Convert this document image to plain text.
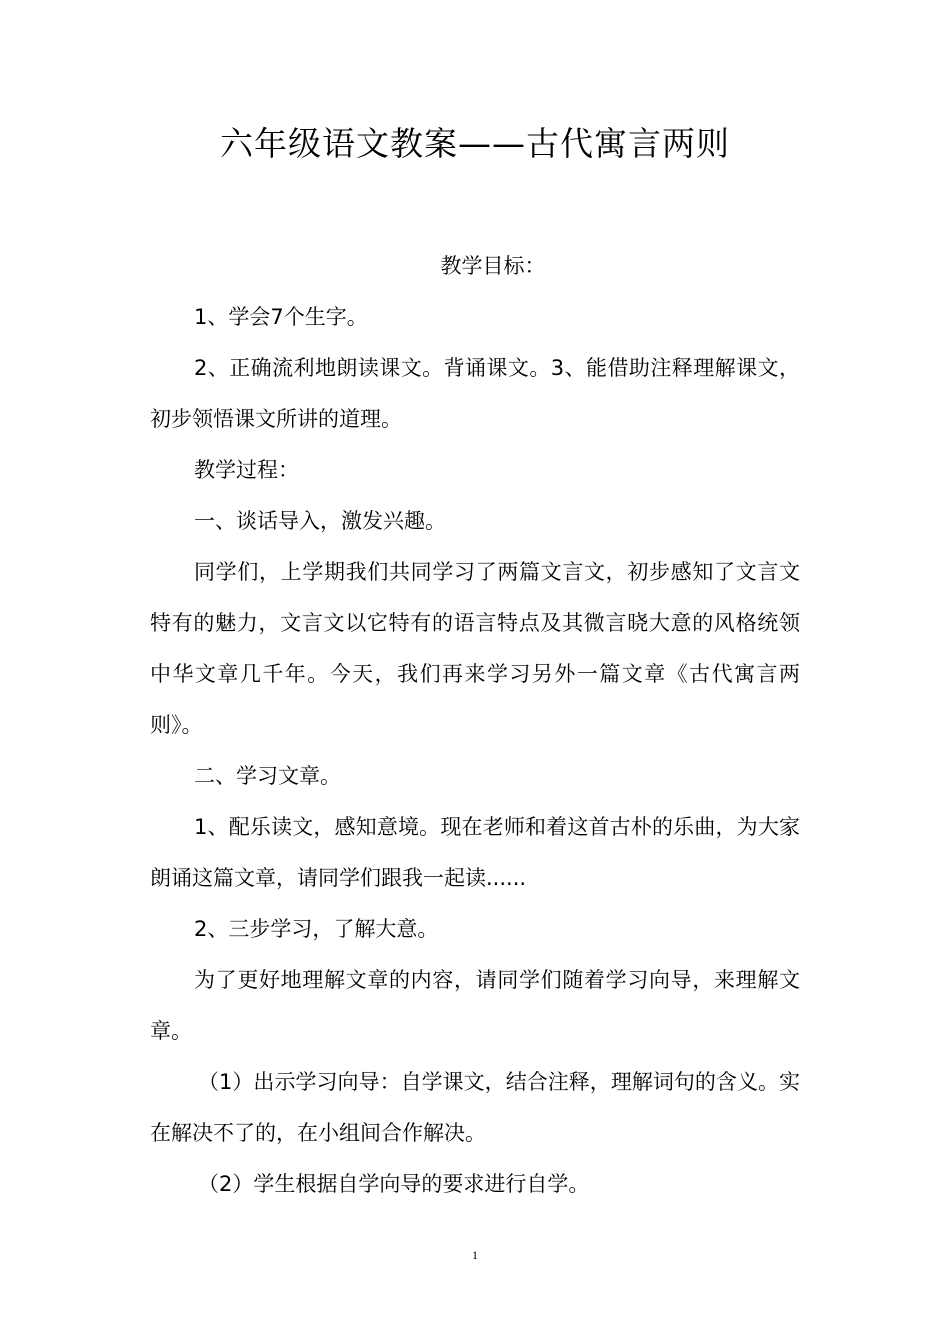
六年级语文教案——古代寓言两则

教学目标：

1、学会7个生字。

2、正确流利地朗读课文。背诵课文。3、能借助注释理解课文，初步领悟课文所讲的道理。

教学过程：

一、谈话导入，激发兴趣。

同学们，上学期我们共同学习了两篇文言文，初步感知了文言文特有的魅力，文言文以它特有的语言特点及其微言晓大意的风格统领中华文章几千年。今天，我们再来学习另外一篇文章《古代寓言两则》。

二、学习文章。

1、配乐读文，感知意境。现在老师和着这首古朴的乐曲，为大家朗诵这篇文章，请同学们跟我一起读......

2、三步学习，了解大意。

为了更好地理解文章的内容，请同学们随着学习向导，来理解文章。

（1）出示学习向导：自学课文，结合注释，理解词句的含义。实在解决不了的，在小组间合作解决。

（2）学生根据自学向导的要求进行自学。

1
